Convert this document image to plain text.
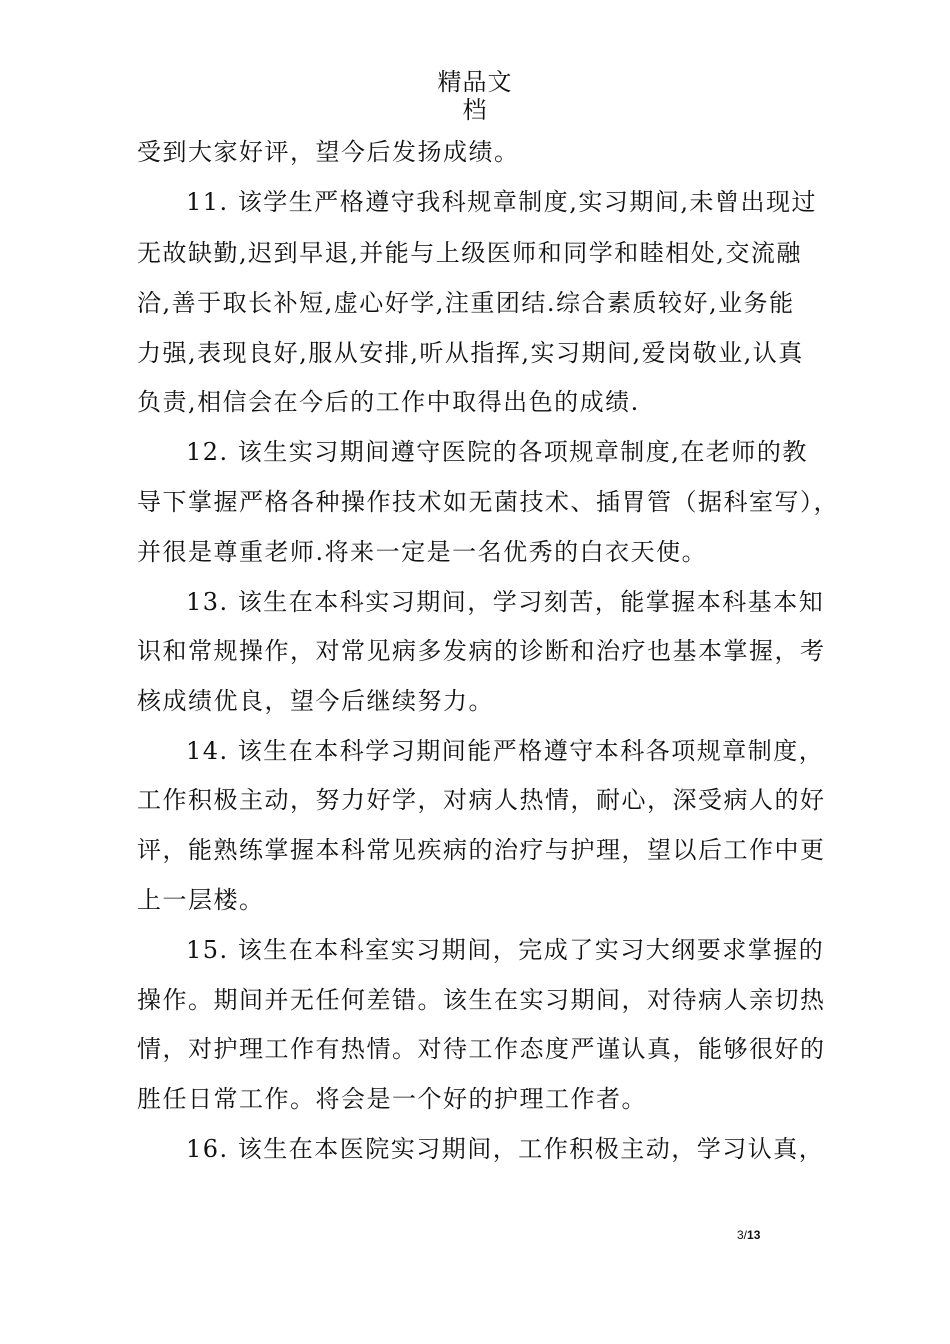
精品文
档
受到大家好评，望今后发扬成绩。
11. 该学生严格遵守我科规章制度,实习期间,未曾出现过
无故缺勤,迟到早退,并能与上级医师和同学和睦相处,交流融
洽,善于取长补短,虚心好学,注重团结.综合素质较好,业务能
力强,表现良好,服从安排,听从指挥,实习期间,爱岗敬业,认真
负责,相信会在今后的工作中取得出色的成绩.
12. 该生实习期间遵守医院的各项规章制度,在老师的教
导下掌握严格各种操作技术如无菌技术、插胃管（据科室写），
并很是尊重老师.将来一定是一名优秀的白衣天使。
13. 该生在本科实习期间，学习刻苦，能掌握本科基本知
识和常规操作，对常见病多发病的诊断和治疗也基本掌握，考
核成绩优良，望今后继续努力。
14. 该生在本科学习期间能严格遵守本科各项规章制度，
工作积极主动，努力好学，对病人热情，耐心，深受病人的好
评，能熟练掌握本科常见疾病的治疗与护理，望以后工作中更
上一层楼。
15. 该生在本科室实习期间，完成了实习大纲要求掌握的
操作。期间并无任何差错。该生在实习期间，对待病人亲切热
情，对护理工作有热情。对待工作态度严谨认真，能够很好的
胜任日常工作。将会是一个好的护理工作者。
16. 该生在本医院实习期间，工作积极主动，学习认真，
3/13
